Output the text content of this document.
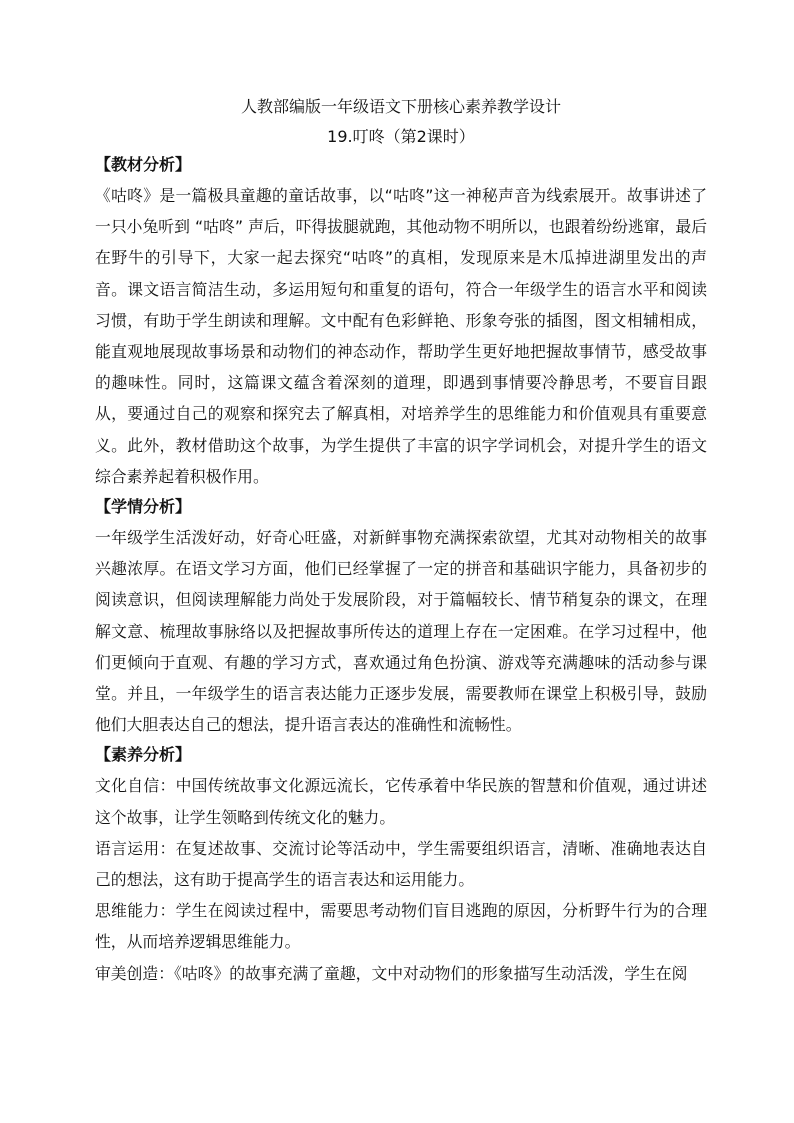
人教部编版一年级语文下册核心素养教学设计
19.叮咚（第2课时）
【教材分析】

《咕咚》是一篇极具童趣的童话故事，以“咕咚”这一神秘声音为线索展开。故事讲述了一只小兔听到 “咕咚” 声后，吓得拔腿就跑，其他动物不明所以，也跟着纷纷逃窜，最后在野牛的引导下，大家一起去探究“咕咚”的真相，发现原来是木瓜掉进湖里发出的声音。课文语言简洁生动，多运用短句和重复的语句，符合一年级学生的语言水平和阅读习惯，有助于学生朗读和理解。文中配有色彩鲜艳、形象夸张的插图，图文相辅相成，能直观地展现故事场景和动物们的神态动作，帮助学生更好地把握故事情节，感受故事的趣味性。同时，这篇课文蕴含着深刻的道理，即遇到事情要冷静思考，不要盲目跟从，要通过自己的观察和探究去了解真相，对培养学生的思维能力和价值观具有重要意义。此外，教材借助这个故事，为学生提供了丰富的识字学词机会，对提升学生的语文综合素养起着积极作用。

【学情分析】

一年级学生活泼好动，好奇心旺盛，对新鲜事物充满探索欲望，尤其对动物相关的故事兴趣浓厚。在语文学习方面，他们已经掌握了一定的拼音和基础识字能力，具备初步的阅读意识，但阅读理解能力尚处于发展阶段，对于篇幅较长、情节稍复杂的课文，在理解文意、梳理故事脉络以及把握故事所传达的道理上存在一定困难。在学习过程中，他们更倾向于直观、有趣的学习方式，喜欢通过角色扮演、游戏等充满趣味的活动参与课堂。并且，一年级学生的语言表达能力正逐步发展，需要教师在课堂上积极引导，鼓励他们大胆表达自己的想法，提升语言表达的准确性和流畅性。

【素养分析】

文化自信：中国传统故事文化源远流长，它传承着中华民族的智慧和价值观，通过讲述这个故事，让学生领略到传统文化的魅力。

语言运用：在复述故事、交流讨论等活动中，学生需要组织语言，清晰、准确地表达自己的想法，这有助于提高学生的语言表达和运用能力。

思维能力：学生在阅读过程中，需要思考动物们盲目逃跑的原因，分析野牛行为的合理性，从而培养逻辑思维能力。

审美创造：《咕咚》的故事充满了童趣，文中对动物们的形象描写生动活泼，学生在阅
